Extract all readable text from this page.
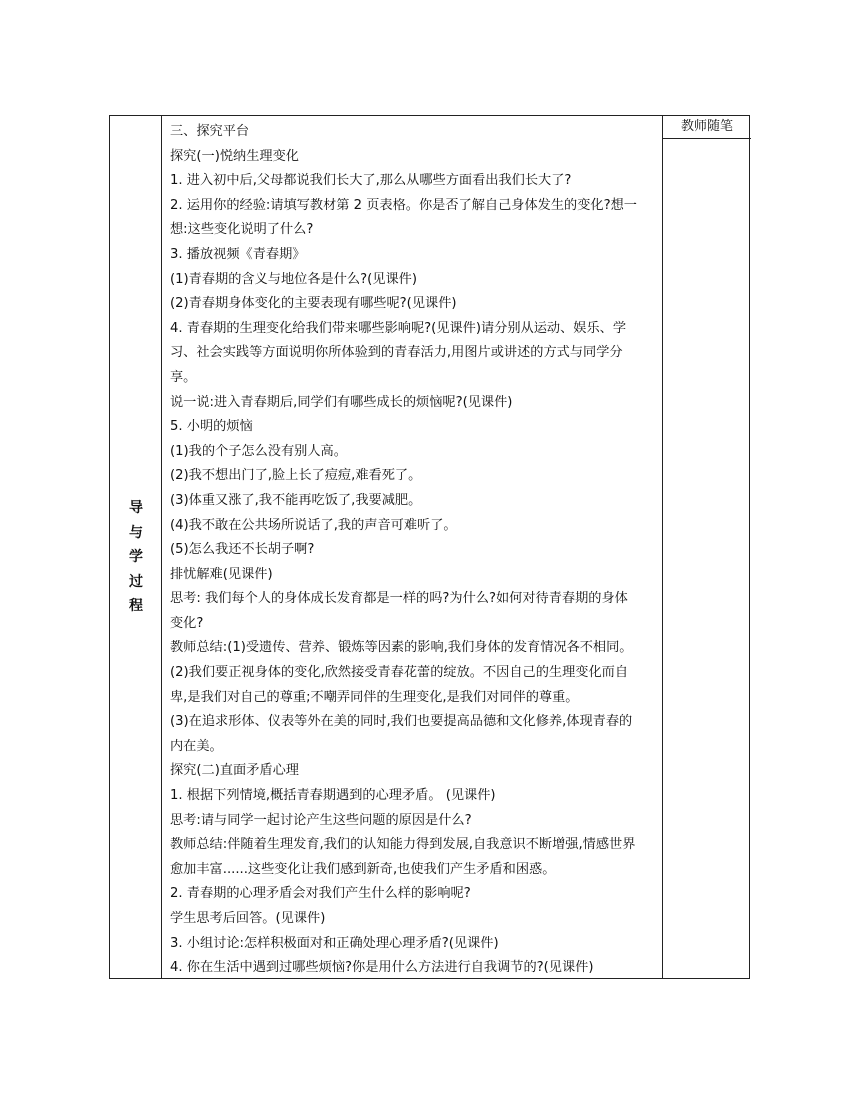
导
与
学
过
程
三、探究平台
探究(一)悦纳生理变化
1. 进入初中后,父母都说我们长大了,那么从哪些方面看出我们长大了?
2. 运用你的经验:请填写教材第 2 页表格。你是否了解自己身体发生的变化?想一
想:这些变化说明了什么?
3. 播放视频《青春期》
(1)青春期的含义与地位各是什么?(见课件)
(2)青春期身体变化的主要表现有哪些呢?(见课件)
4. 青春期的生理变化给我们带来哪些影响呢?(见课件)请分别从运动、娱乐、学
习、社会实践等方面说明你所体验到的青春活力,用图片或讲述的方式与同学分
享。
说一说:进入青春期后,同学们有哪些成长的烦恼呢?(见课件)
5. 小明的烦恼
(1)我的个子怎么没有别人高。
(2)我不想出门了,脸上长了痘痘,难看死了。
(3)体重又涨了,我不能再吃饭了,我要减肥。
(4)我不敢在公共场所说话了,我的声音可难听了。
(5)怎么我还不长胡子啊?
排忧解难(见课件)
思考: 我们每个人的身体成长发育都是一样的吗?为什么?如何对待青春期的身体
变化?
教师总结:(1)受遗传、营养、锻炼等因素的影响,我们身体的发育情况各不相同。
(2)我们要正视身体的变化,欣然接受青春花蕾的绽放。不因自己的生理变化而自
卑,是我们对自己的尊重;不嘲弄同伴的生理变化,是我们对同伴的尊重。
(3)在追求形体、仪表等外在美的同时,我们也要提高品德和文化修养,体现青春的
内在美。
探究(二)直面矛盾心理
1. 根据下列情境,概括青春期遇到的心理矛盾。 (见课件)
思考:请与同学一起讨论产生这些问题的原因是什么?
教师总结:伴随着生理发育,我们的认知能力得到发展,自我意识不断增强,情感世界
愈加丰富......这些变化让我们感到新奇,也使我们产生矛盾和困惑。
2. 青春期的心理矛盾会对我们产生什么样的影响呢?
学生思考后回答。(见课件)
3. 小组讨论:怎样积极面对和正确处理心理矛盾?(见课件)
4. 你在生活中遇到过哪些烦恼?你是用什么方法进行自我调节的?(见课件)
教师随笔
